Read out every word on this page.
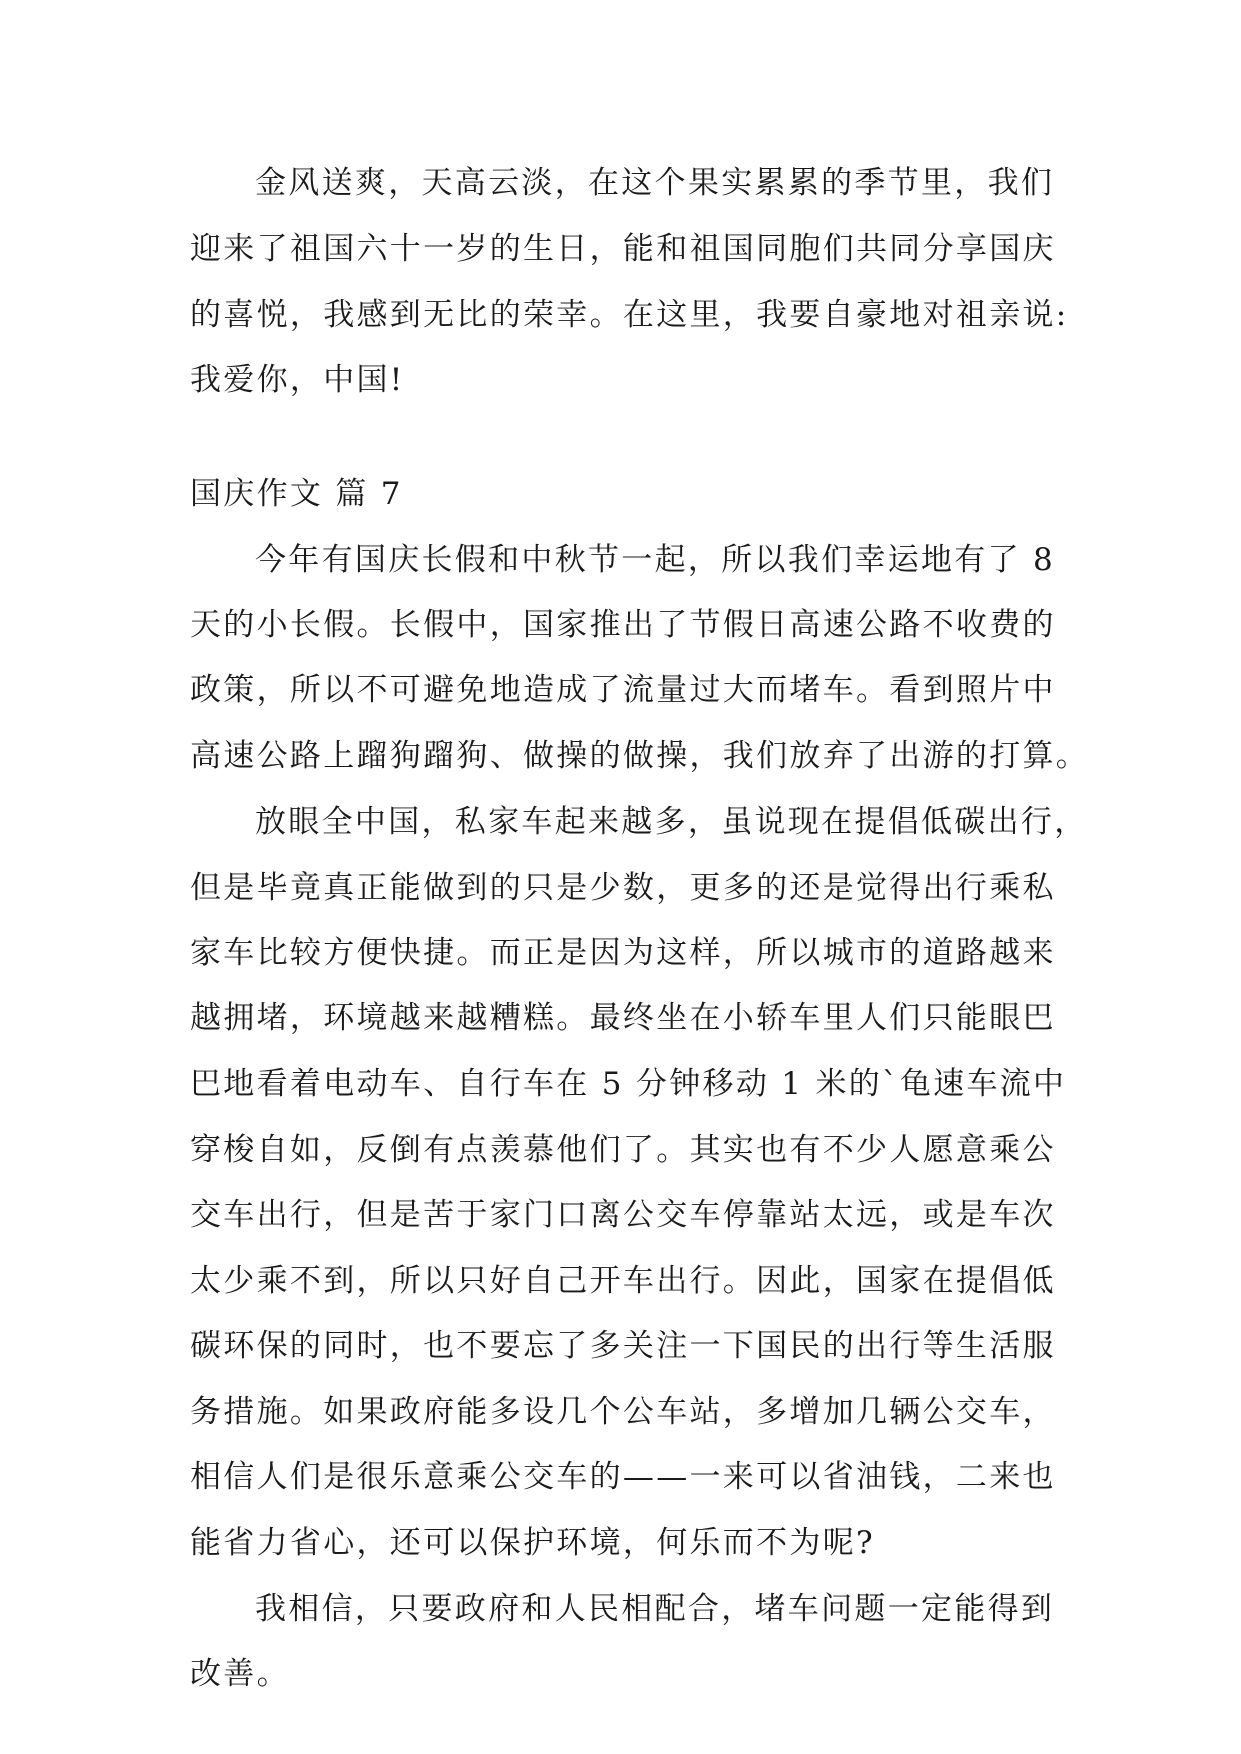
金风送爽，天高云淡，在这个果实累累的季节里，我们
迎来了祖国六十一岁的生日，能和祖国同胞们共同分享国庆
的喜悦，我感到无比的荣幸。在这里，我要自豪地对祖亲说:
我爱你，中国!
国庆作文 篇 7
今年有国庆长假和中秋节一起，所以我们幸运地有了 8
天的小长假。长假中，国家推出了节假日高速公路不收费的
政策，所以不可避免地造成了流量过大而堵车。看到照片中
高速公路上蹓狗蹓狗、做操的做操，我们放弃了出游的打算。
放眼全中国，私家车起来越多，虽说现在提倡低碳出行，
但是毕竟真正能做到的只是少数，更多的还是觉得出行乘私
家车比较方便快捷。而正是因为这样，所以城市的道路越来
越拥堵，环境越来越糟糕。最终坐在小轿车里人们只能眼巴
巴地看着电动车、自行车在 5 分钟移动 1 米的`龟速车流中
穿梭自如，反倒有点羡慕他们了。其实也有不少人愿意乘公
交车出行，但是苦于家门口离公交车停靠站太远，或是车次
太少乘不到，所以只好自己开车出行。因此，国家在提倡低
碳环保的同时，也不要忘了多关注一下国民的出行等生活服
务措施。如果政府能多设几个公车站，多增加几辆公交车，
相信人们是很乐意乘公交车的——一来可以省油钱，二来也
能省力省心，还可以保护环境，何乐而不为呢?
我相信，只要政府和人民相配合，堵车问题一定能得到
改善。
